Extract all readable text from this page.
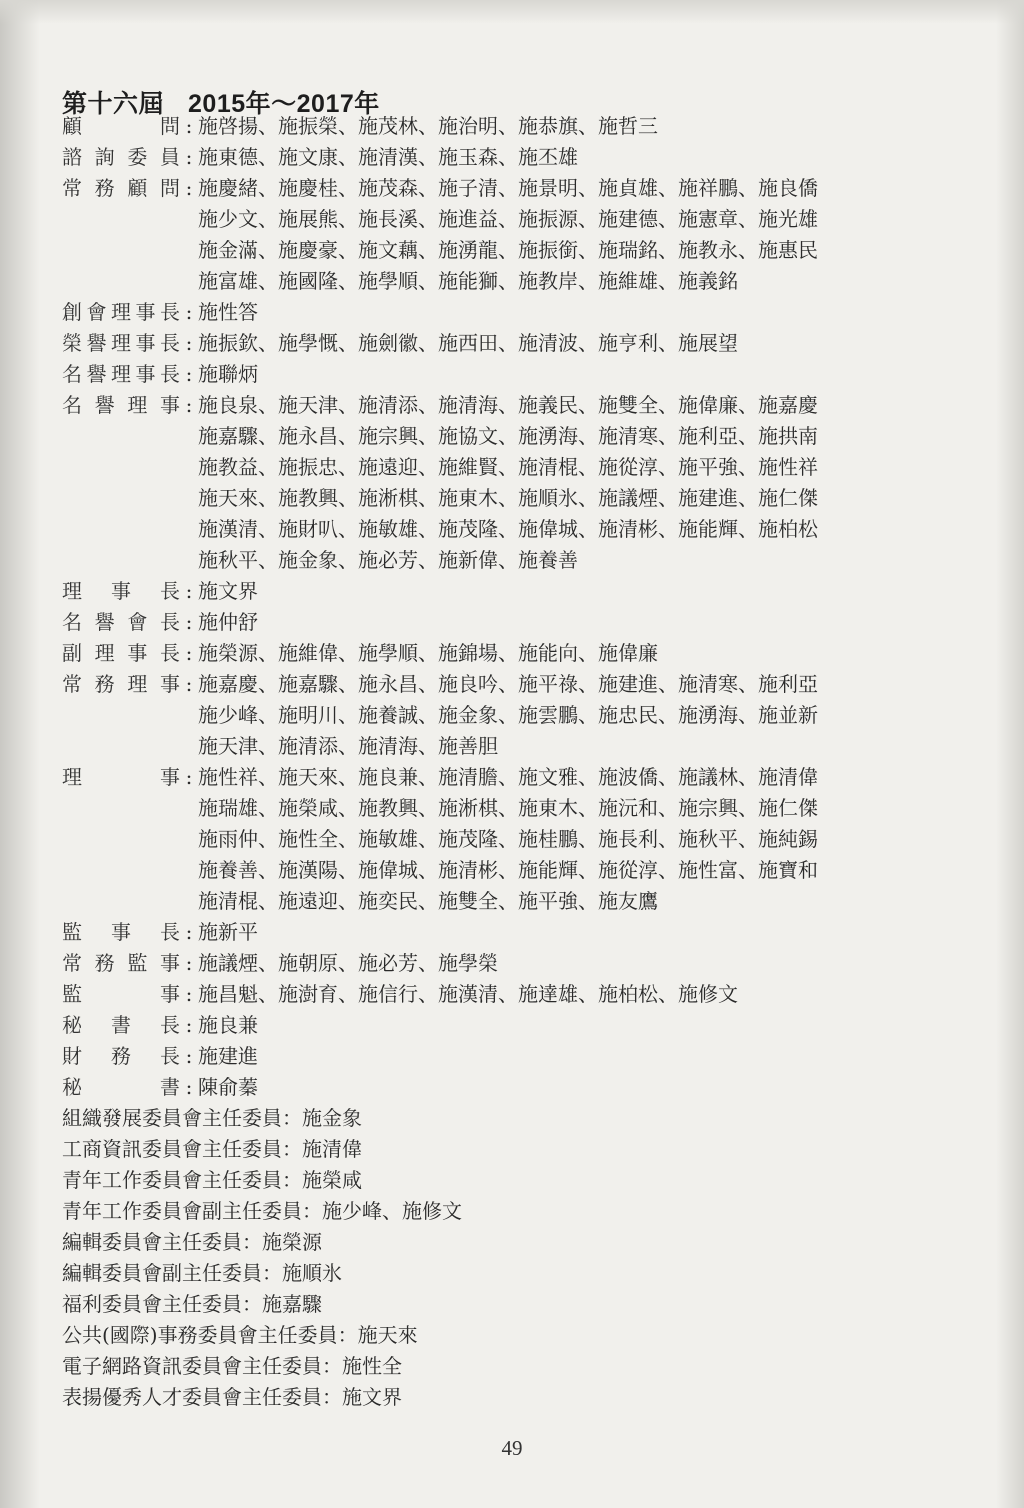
第十六屆 2015年～2017年
顧	問 : 施啓揚、施振榮、施茂林、施治明、施恭旗、施哲三
諮 詢 委 員 : 施東德、施文康、施清漢、施玉森、施丕雄
常 務 顧 問 : 施慶緒、施慶桂、施茂森、施子清、施景明、施貞雄、施祥鵬、施良僑
施少文、施展熊、施長溪、施進益、施振源、施建德、施憲章、施光雄
施金滿、施慶豪、施文藕、施湧龍、施振銜、施瑞銘、施教永、施惠民
施富雄、施國隆、施學順、施能獅、施教岸、施維雄、施義銘
創 會 理 事 長 : 施性答
榮 譽 理 事 長 : 施振欽、施學慨、施劍徽、施西田、施清波、施亨利、施展望
名 譽 理 事 長 : 施聯炳
名 譽 理 事 : 施良泉、施天津、施清添、施清海、施義民、施雙全、施偉廉、施嘉慶
施嘉驟、施永昌、施宗興、施協文、施湧海、施清寒、施利亞、施拱南
施教益、施振忠、施遠迎、施維賢、施清棍、施從淳、施平強、施性祥
施天來、施教興、施淅棋、施東木、施順氷、施議煙、施建進、施仁傑
施漢清、施財叭、施敏雄、施茂隆、施偉城、施清彬、施能輝、施柏松
施秋平、施金象、施必芳、施新偉、施養善
理 事 長 : 施文界
名 譽 會 長 : 施仲舒
副 理 事 長 : 施榮源、施維偉、施學順、施錦場、施能向、施偉廉
常 務 理 事 : 施嘉慶、施嘉驟、施永昌、施良吟、施平祿、施建進、施清寒、施利亞
施少峰、施明川、施養誠、施金象、施雲鵬、施忠民、施湧海、施並新
施天津、施清添、施清海、施善胆
理	事 : 施性祥、施天來、施良兼、施清膽、施文雅、施波僑、施議林、施清偉
施瑞雄、施榮咸、施教興、施淅棋、施東木、施沅和、施宗興、施仁傑
施雨仲、施性全、施敏雄、施茂隆、施桂鵬、施長利、施秋平、施純錫
施養善、施漢陽、施偉城、施清彬、施能輝、施從淳、施性富、施寶和
施清棍、施遠迎、施奕民、施雙全、施平強、施友鷹
監 事 長 : 施新平
常 務 監 事 : 施議煙、施朝原、施必芳、施學榮
監	事 : 施昌魁、施澍育、施信行、施漢清、施達雄、施柏松、施修文
秘 書 長 : 施良兼
財 務 長 : 施建進
秘	書 : 陳俞蓁
組織發展委員會主任委員：施金象
工商資訊委員會主任委員：施清偉
青年工作委員會主任委員：施榮咸
青年工作委員會副主任委員：施少峰、施修文
編輯委員會主任委員：施榮源
編輯委員會副主任委員：施順氷
福利委員會主任委員：施嘉驟
公共(國際)事務委員會主任委員：施天來
電子網路資訊委員會主任委員：施性全
表揚優秀人才委員會主任委員：施文界
49
